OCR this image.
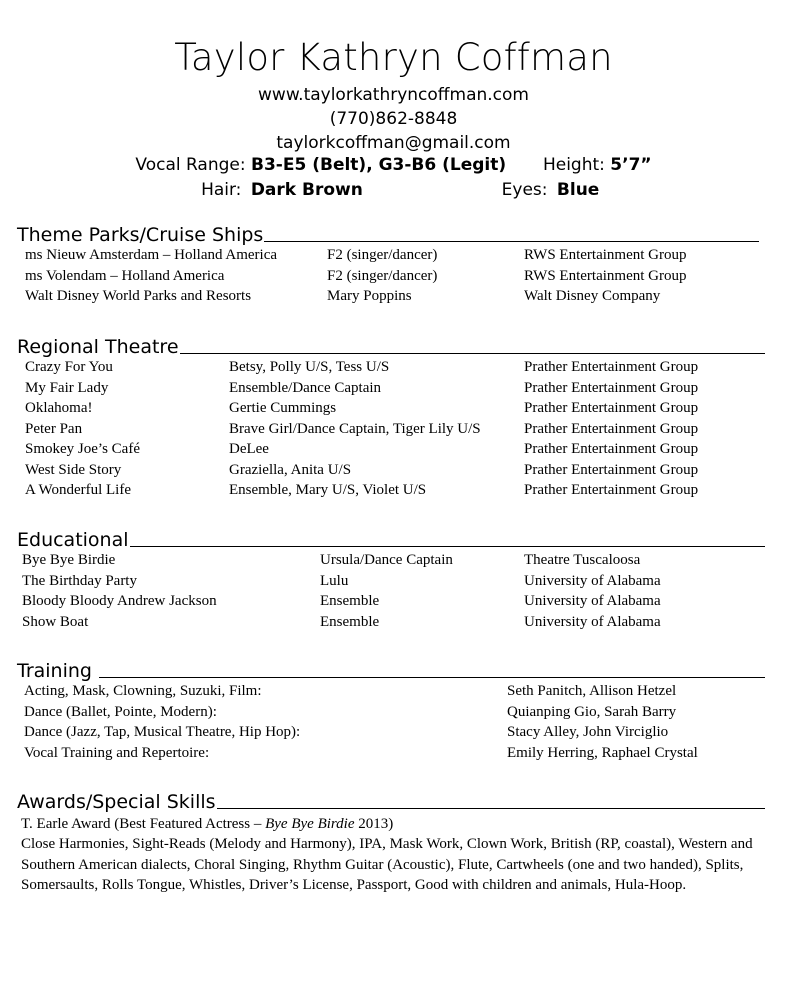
Taylor Kathryn Coffman
www.taylorkathryncoffman.com
(770)862-8848
taylorkcoffman@gmail.com
Vocal Range: B3-E5 (Belt), G3-B6 (Legit) Height: 5’7”
Hair: Dark Brown	Eyes: Blue
Theme Parks/Cruise Ships
ms Nieuw Amsterdam – Holland America	F2 (singer/dancer)	RWS Entertainment Group
ms Volendam – Holland America	F2 (singer/dancer)	RWS Entertainment Group
Walt Disney World Parks and Resorts	Mary Poppins	Walt Disney Company
Regional Theatre
Crazy For You	Betsy, Polly U/S, Tess U/S	Prather Entertainment Group
My Fair Lady	Ensemble/Dance Captain	Prather Entertainment Group
Oklahoma!	Gertie Cummings	Prather Entertainment Group
Peter Pan	Brave Girl/Dance Captain, Tiger Lily U/S	Prather Entertainment Group
Smokey Joe’s Café	DeLee	Prather Entertainment Group
West Side Story	Graziella, Anita U/S	Prather Entertainment Group
A Wonderful Life	Ensemble, Mary U/S, Violet U/S	Prather Entertainment Group
Educational
Bye Bye Birdie	Ursula/Dance Captain	Theatre Tuscaloosa
The Birthday Party	Lulu	University of Alabama
Bloody Bloody Andrew Jackson	Ensemble	University of Alabama
Show Boat	Ensemble	University of Alabama
Training
Acting, Mask, Clowning, Suzuki, Film:	Seth Panitch, Allison Hetzel
Dance (Ballet, Pointe, Modern):	Quianping Gio, Sarah Barry
Dance (Jazz, Tap, Musical Theatre, Hip Hop):	Stacy Alley, John Virciglio
Vocal Training and Repertoire:	Emily Herring, Raphael Crystal
Awards/Special Skills
T. Earle Award (Best Featured Actress – Bye Bye Birdie 2013)
Close Harmonies, Sight-Reads (Melody and Harmony), IPA, Mask Work, Clown Work, British (RP, coastal), Western and Southern American dialects, Choral Singing, Rhythm Guitar (Acoustic), Flute, Cartwheels (one and two handed), Splits, Somersaults, Rolls Tongue, Whistles, Driver’s License, Passport, Good with children and animals, Hula-Hoop.
